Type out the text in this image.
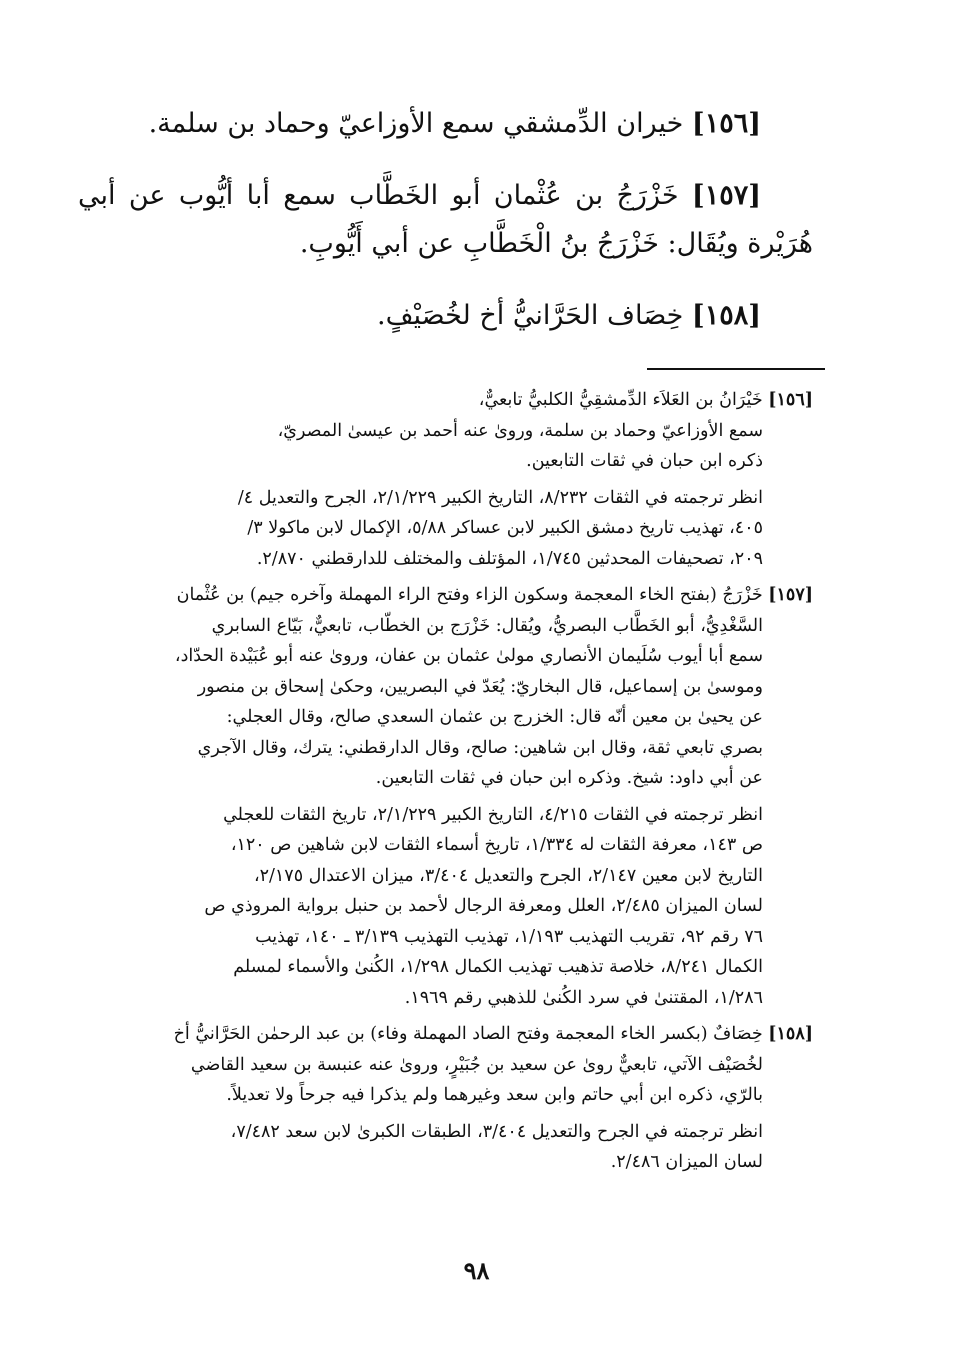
[١٥٦] خيران الدِّمشقي سمع الأوزاعيّ وحماد بن سلمة.

[١٥٧] خَزْرَجُ بن عُثْمان أبو الخَطَّاب سمع أبا أيُّوب عن أبي هُرَيْرة ويُقَال: خَزْرَجُ بنُ الْخَطَّابِ عن أبي أَيُّوبِ.

[١٥٨] خِصَاف الحَرَّانيُّ أخ لخُصَيْفٍ.

[١٥٦] خَيْرَانُ بن العَلاَء الدِّمشقِيُّ الكلبيُّ تابعيٌّ،
سمع الأوزاعيّ وحماد بن سلمة، وروىٰ عنه أحمد بن عيسىٰ المصريّ،
ذكره ابن حبان في ثقات التابعين.
انظر ترجمته في الثقات ٨/٢٣٢، التاريخ الكبير ٢/١/٢٢٩، الجرح والتعديل ٤/
٤٠٥، تهذيب تاريخ دمشق الكبير لابن عساكر ٥/٨٨، الإكمال لابن ماكولا ٣/
٢٠٩، تصحيفات المحدثين ١/٧٤٥، المؤتلف والمختلف للدارقطني ٢/٨٧٠.
[١٥٧] خَزْرَجُ (بفتح الخاء المعجمة وسكون الزاء وفتح الراء المهملة وآخره جيم) بن عُثْمان
السَّغْدِيُّ، أبو الخَطَّاب البصريُّ، ويُقال: خَزْرَج بن الخطّاب، تابعيٌّ، بَيّاع السابري
سمع أبا أيوب سُلَيمان الأنصاري مولىٰ عثمان بن عفان، وروىٰ عنه أبو عُبَيْدة الحدّاد،
وموسىٰ بن إسماعيل، قال البخاريّ: يُعَدّ في البصريين، وحكىٰ إسحاق بن منصور
عن يحيىٰ بن معين أنّه قال: الخزرج بن عثمان السعدي صالح، وقال العجلي:
بصري تابعي ثقة، وقال ابن شاهين: صالح، وقال الدارقطني: يترك، وقال الآجري
عن أبي داود: شيخ. وذكره ابن حبان في ثقات التابعين.
انظر ترجمته في الثقات ٤/٢١٥، التاريخ الكبير ٢/١/٢٢٩، تاريخ الثقات للعجلي
ص ١٤٣، معرفة الثقات له ١/٣٣٤، تاريخ أسماء الثقات لابن شاهين ص ١٢٠،
التاريخ لابن معين ٢/١٤٧، الجرح والتعديل ٣/٤٠٤، ميزان الاعتدال ٢/١٧٥،
لسان الميزان ٢/٤٨٥، العلل ومعرفة الرجال لأحمد بن حنبل برواية المروذي ص
٧٦ رقم ٩٢، تقريب التهذيب ١/١٩٣، تهذيب التهذيب ٣/١٣٩ ـ ١٤٠، تهذيب
الكمال ٨/٢٤١، خلاصة تذهيب تهذيب الكمال ١/٢٩٨، الكُنىٰ والأسماء لمسلم
١/٢٨٦، المقتنىٰ في سرد الكُنىٰ للذهبي رقم ١٩٦٩.
[١٥٨] خِصَافٌ (بكسر الخاء المعجمة وفتح الصاد المهملة وفاء) بن عبد الرحمٰن الحَرَّانيُّ أخ
لخُصَيْف الآتي، تابعيٌّ روىٰ عن سعيد بن جُبَيْرٍ، وروىٰ عنه عنبسة بن سعيد القاضي
بالرّي، ذكره ابن أبي حاتم وابن سعد وغيرهما ولم يذكرا فيه جرحاً ولا تعديلاً.
انظر ترجمته في الجرح والتعديل ٣/٤٠٤، الطبقات الكبرىٰ لابن سعد ٧/٤٨٢،
لسان الميزان ٢/٤٨٦.
٩٨
